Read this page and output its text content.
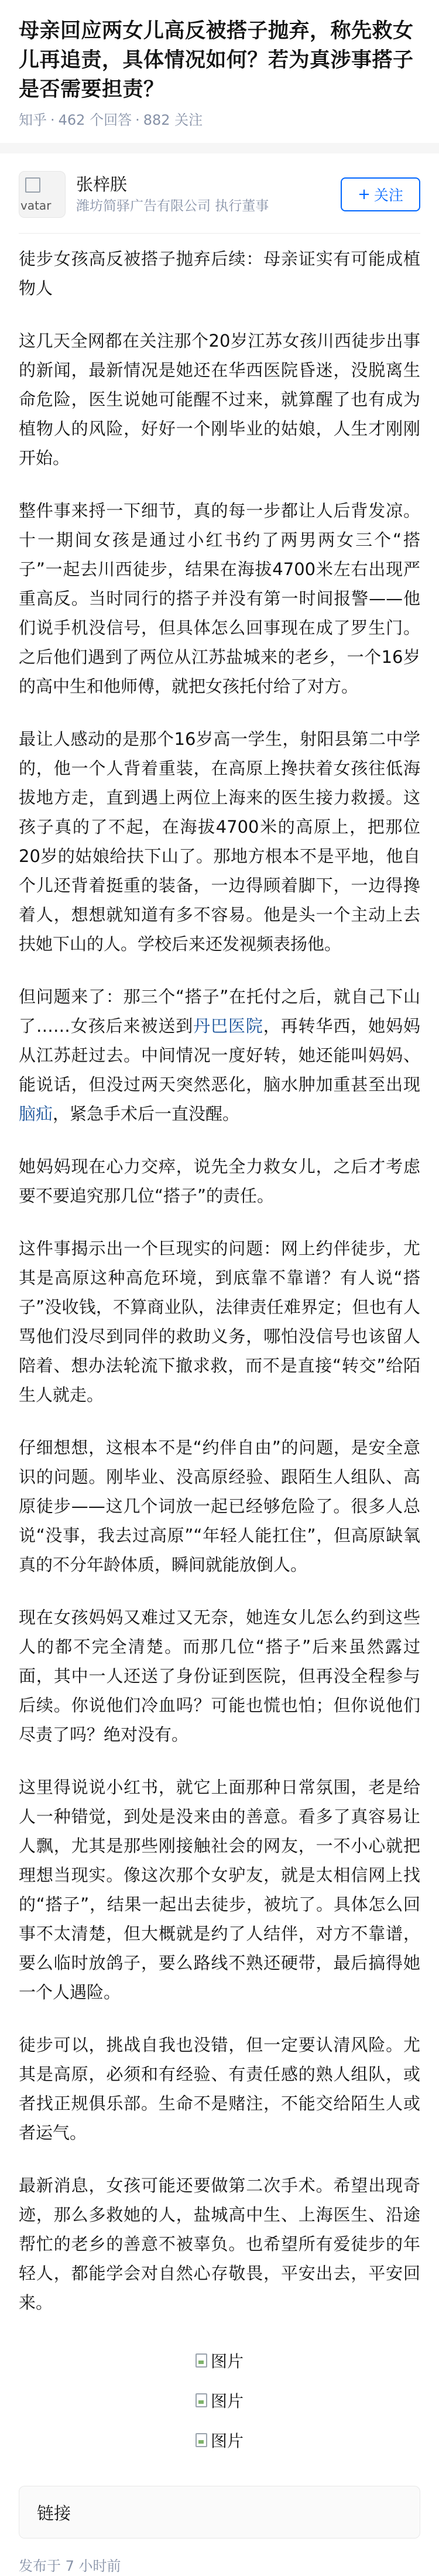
母亲回应两女儿高反被搭子抛弃，称先救女儿再追责，具体情况如何？若为真涉事搭子是否需要担责？
知乎 · 462 个回答 · 882 关注
vatar
张梓朕
潍坊简驿广告有限公司 执行董事
+ 关注

徒步女孩高反被搭子抛弃后续：母亲证实有可能成植物人

这几天全网都在关注那个20岁江苏女孩川西徒步出事的新闻，最新情况是她还在华西医院昏迷，没脱离生命危险，医生说她可能醒不过来，就算醒了也有成为植物人的风险，好好一个刚毕业的姑娘，人生才刚刚开始。

整件事来捋一下细节，真的每一步都让人后背发凉。十一期间女孩是通过小红书约了两男两女三个“搭子”一起去川西徒步，结果在海拔4700米左右出现严重高反。当时同行的搭子并没有第一时间报警——他们说手机没信号，但具体怎么回事现在成了罗生门。之后他们遇到了两位从江苏盐城来的老乡，一个16岁的高中生和他师傅，就把女孩托付给了对方。

最让人感动的是那个16岁高一学生，射阳县第二中学的，他一个人背着重装，在高原上搀扶着女孩往低海拔地方走，直到遇上两位上海来的医生接力救援。这孩子真的了不起，在海拔4700米的高原上，把那位20岁的姑娘给扶下山了。那地方根本不是平地，他自个儿还背着挺重的装备，一边得顾着脚下，一边得搀着人，想想就知道有多不容易。他是头一个主动上去扶她下山的人。学校后来还发视频表扬他。

但问题来了：那三个“搭子”在托付之后，就自己下山了……女孩后来被送到丹巴医院，再转华西，她妈妈从江苏赶过去。中间情况一度好转，她还能叫妈妈、能说话，但没过两天突然恶化，脑水肿加重甚至出现脑疝，紧急手术后一直没醒。

她妈妈现在心力交瘁，说先全力救女儿，之后才考虑要不要追究那几位“搭子”的责任。

这件事揭示出一个巨现实的问题：网上约伴徒步，尤其是高原这种高危环境，到底靠不靠谱？有人说“搭子”没收钱，不算商业队，法律责任难界定；但也有人骂他们没尽到同伴的救助义务，哪怕没信号也该留人陪着、想办法轮流下撤求救，而不是直接“转交”给陌生人就走。

仔细想想，这根本不是“约伴自由”的问题，是安全意识的问题。刚毕业、没高原经验、跟陌生人组队、高原徒步——这几个词放一起已经够危险了。很多人总说“没事，我去过高原”“年轻人能扛住”，但高原缺氧真的不分年龄体质，瞬间就能放倒人。

现在女孩妈妈又难过又无奈，她连女儿怎么约到这些人的都不完全清楚。而那几位“搭子”后来虽然露过面，其中一人还送了身份证到医院，但再没全程参与后续。你说他们冷血吗？可能也慌也怕；但你说他们尽责了吗？绝对没有。

这里得说说小红书，就它上面那种日常氛围，老是给人一种错觉，到处是没来由的善意。看多了真容易让人飘，尤其是那些刚接触社会的网友，一不小心就把理想当现实。像这次那个女驴友，就是太相信网上找的“搭子”，结果一起出去徒步，被坑了。具体怎么回事不太清楚，但大概就是约了人结伴，对方不靠谱，要么临时放鸽子，要么路线不熟还硬带，最后搞得她一个人遇险。

徒步可以，挑战自我也没错，但一定要认清风险。尤其是高原，必须和有经验、有责任感的熟人组队，或者找正规俱乐部。生命不是赌注，不能交给陌生人或者运气。

最新消息，女孩可能还要做第二次手术。希望出现奇迹，那么多救她的人，盐城高中生、上海医生、沿途帮忙的老乡的善意不被辜负。也希望所有爱徒步的年轻人，都能学会对自然心存敬畏，平安出去，平安回来。

图片
图片
图片
链接
发布于 7 小时前
